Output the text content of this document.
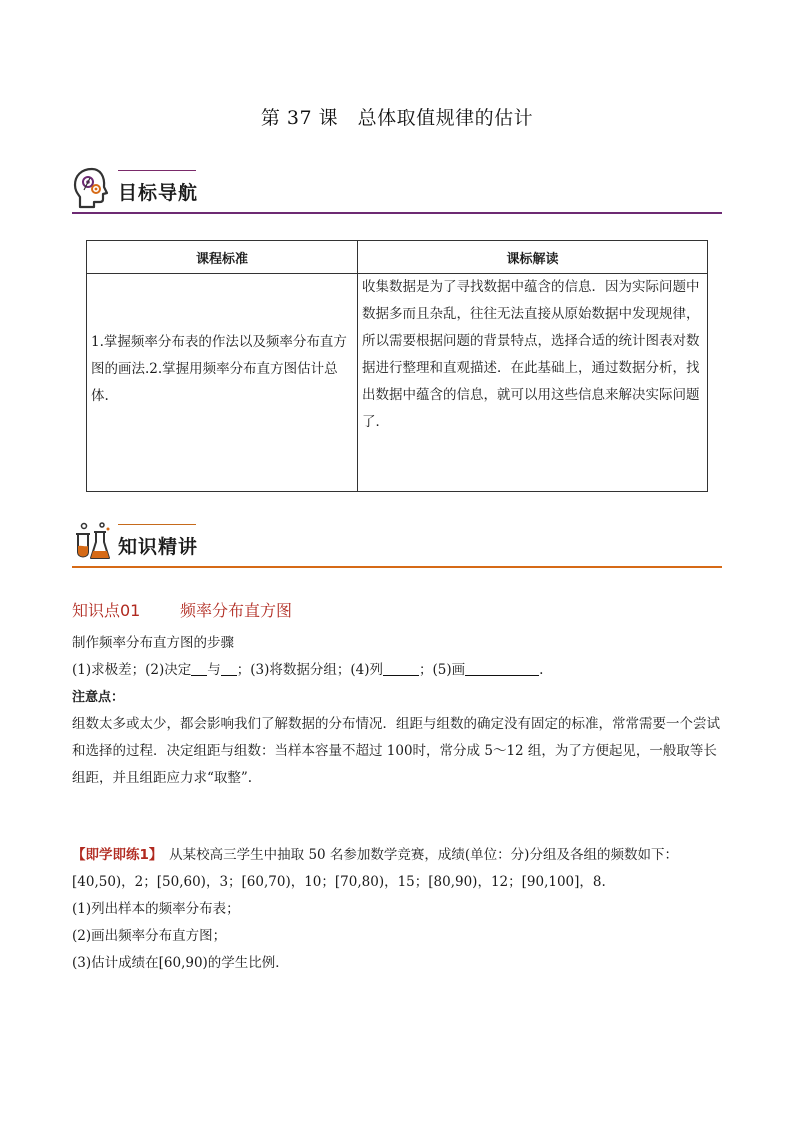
第 37 课　总体取值规律的估计
目标导航
课程标准	课标解读
1.掌握频率分布表的作法以及频率分布直方图的画法.2.掌握用频率分布直方图估计总体.	收集数据是为了寻找数据中蕴含的信息．因为实际问题中数据多而且杂乱，往往无法直接从原始数据中发现规律，所以需要根据问题的背景特点，选择合适的统计图表对数据进行整理和直观描述．在此基础上，通过数据分析，找出数据中蕴含的信息，就可以用这些信息来解决实际问题了．
知识精讲
知识点01 频率分布直方图
制作频率分布直方图的步骤
(1)求极差；(2)决定 与 ；(3)将数据分组；(4)列	；(5)画	.
注意点：
组数太多或太少，都会影响我们了解数据的分布情况．组距与组数的确定没有固定的标准，常常需要一个尝试和选择的过程．决定组距与组数：当样本容量不超过 100时，常分成 5～12 组，为了方便起见，一般取等长组距，并且组距应力求“取整”.
【即学即练1】　从某校高三学生中抽取 50 名参加数学竞赛，成绩(单位：分)分组及各组的频数如下：
[40,50)，2；[50,60)，3；[60,70)，10；[70,80)，15；[80,90)，12；[90,100]，8.
(1)列出样本的频率分布表；
(2)画出频率分布直方图；
(3)估计成绩在[60,90)的学生比例．
